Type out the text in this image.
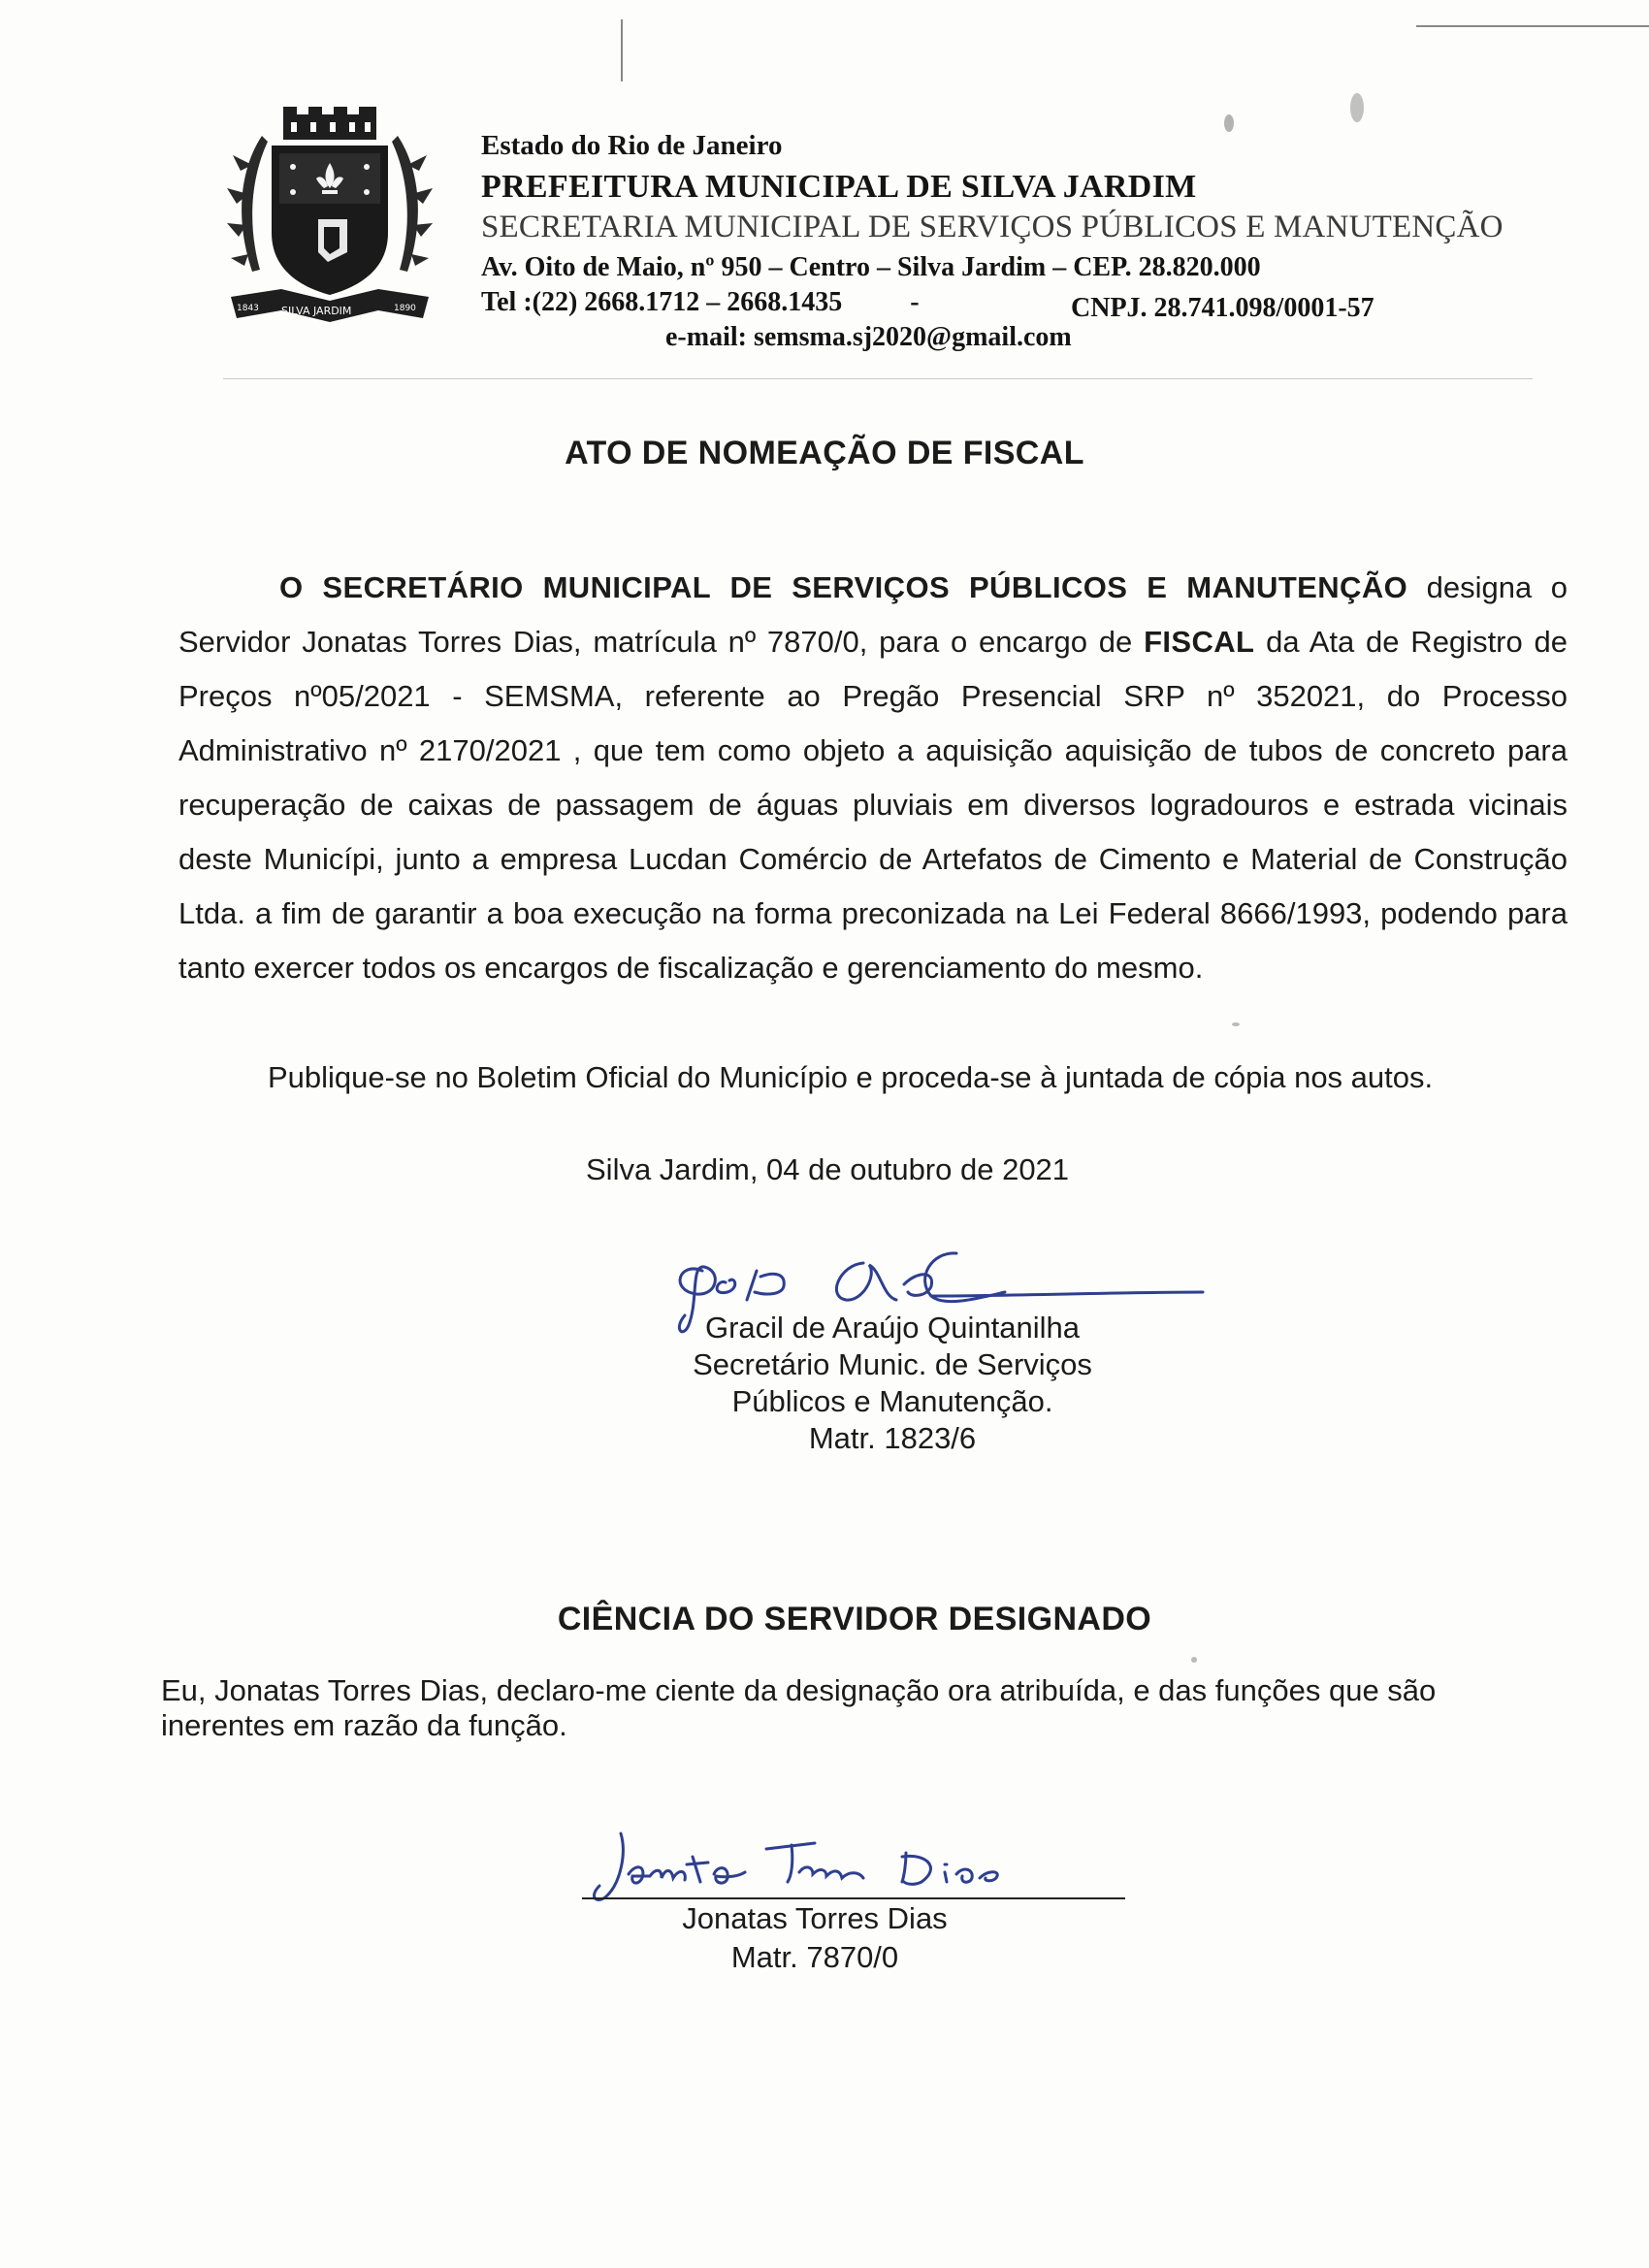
SILVA JARDIM
1843	1890
Estado do Rio de Janeiro
PREFEITURA MUNICIPAL DE SILVA JARDIM
SECRETARIA MUNICIPAL DE SERVIÇOS PÚBLICOS E MANUTENÇÃO
Av. Oito de Maio, nº 950 – Centro – Silva Jardim – CEP. 28.820.000
Tel :(22) 2668.1712 – 2668.1435	-	CNPJ. 28.741.098/0001-57
e-mail: semsma.sj2020@gmail.com
ATO DE NOMEAÇÃO DE FISCAL

O SECRETÁRIO MUNICIPAL DE SERVIÇOS PÚBLICOS E MANUTENÇÃO designa o Servidor Jonatas Torres Dias, matrícula nº 7870/0, para o encargo de FISCAL da Ata de Registro de Preços nº05/2021 - SEMSMA, referente ao Pregão Presencial SRP nº 352021, do Processo Administrativo nº 2170/2021 , que tem como objeto a aquisição aquisição de tubos de concreto para recuperação de caixas de passagem de águas pluviais em diversos logradouros e estrada vicinais deste Municípi, junto a empresa Lucdan Comércio de Artefatos de Cimento e Material de Construção Ltda. a fim de garantir a boa execução na forma preconizada na Lei Federal 8666/1993, podendo para tanto exercer todos os encargos de fiscalização e gerenciamento do mesmo.

Publique-se no Boletim Oficial do Município e proceda-se à juntada de cópia nos autos.

Silva Jardim, 04 de outubro de 2021
Gracil de Araújo Quintanilha
Secretário Munic. de Serviços
Públicos e Manutenção.
Matr. 1823/6
CIÊNCIA DO SERVIDOR DESIGNADO

Eu, Jonatas Torres Dias, declaro-me ciente da designação ora atribuída, e das funções que são inerentes em razão da função.

Jonatas Torres Dias
Matr. 7870/0
